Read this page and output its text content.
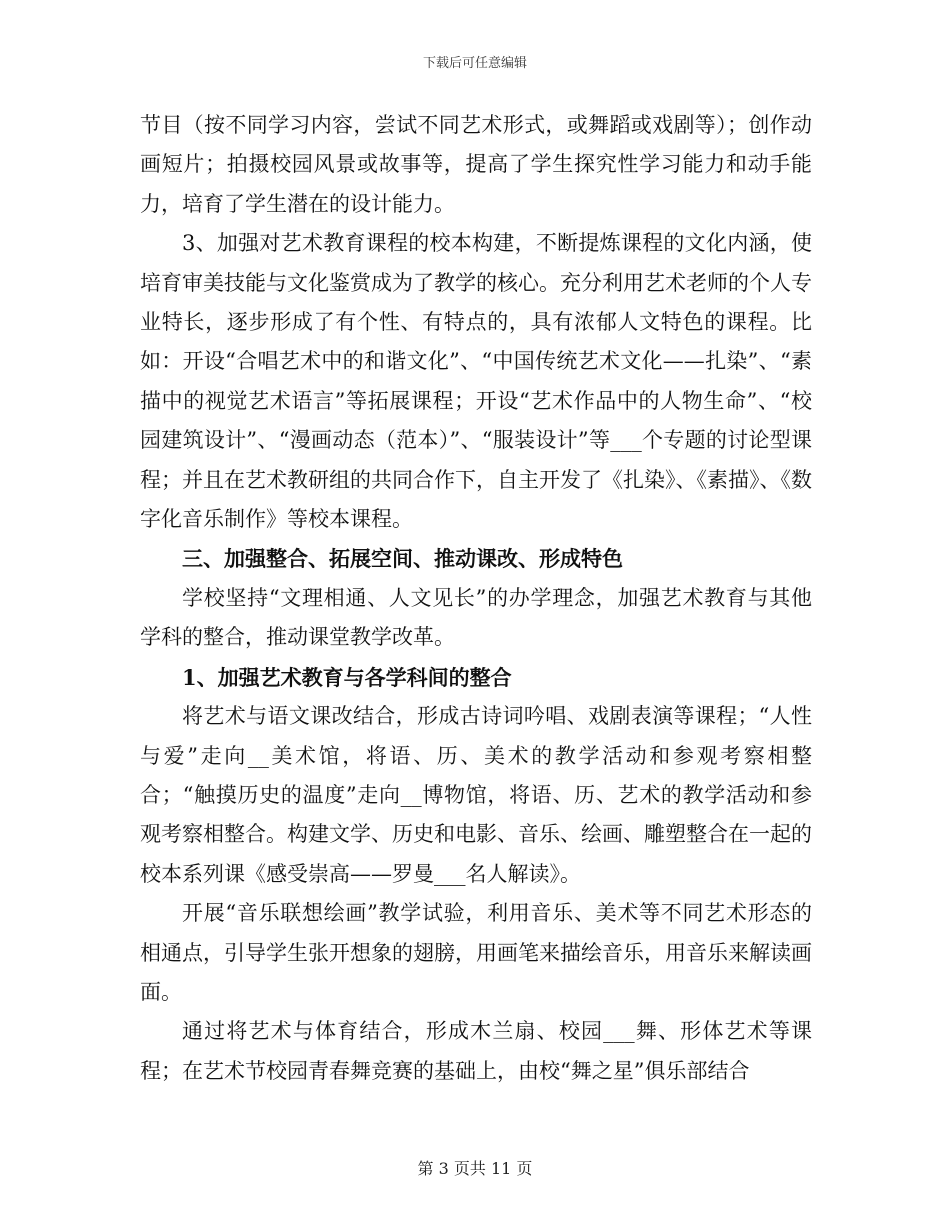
下载后可任意编辑

节目（按不同学习内容，尝试不同艺术形式，或舞蹈或戏剧等）；创作动画短片；拍摄校园风景或故事等，提高了学生探究性学习能力和动手能力，培育了学生潜在的设计能力。

3、加强对艺术教育课程的校本构建，不断提炼课程的文化内涵，使培育审美技能与文化鉴赏成为了教学的核心。充分利用艺术老师的个人专业特长，逐步形成了有个性、有特点的，具有浓郁人文特色的课程。比如：开设“合唱艺术中的和谐文化”、“中国传统艺术文化——扎染”、“素描中的视觉艺术语言”等拓展课程；开设“艺术作品中的人物生命”、“校园建筑设计”、“漫画动态（范本）”、“服装设计”等___个专题的讨论型课程；并且在艺术教研组的共同合作下，自主开发了《扎染》、《素描》、《数字化音乐制作》等校本课程。

三、加强整合、拓展空间、推动课改、形成特色

学校坚持“文理相通、人文见长”的办学理念，加强艺术教育与其他学科的整合，推动课堂教学改革。

1、加强艺术教育与各学科间的整合

将艺术与语文课改结合，形成古诗词吟唱、戏剧表演等课程；“人性与爱”走向__美术馆，将语、历、美术的教学活动和参观考察相整合；“触摸历史的温度”走向__博物馆，将语、历、艺术的教学活动和参观考察相整合。构建文学、历史和电影、音乐、绘画、雕塑整合在一起的校本系列课《感受崇高——罗曼___名人解读》。

开展“音乐联想绘画”教学试验，利用音乐、美术等不同艺术形态的相通点，引导学生张开想象的翅膀，用画笔来描绘音乐，用音乐来解读画面。

通过将艺术与体育结合，形成木兰扇、校园___舞、形体艺术等课程；在艺术节校园青春舞竞赛的基础上，由校“舞之星”俱乐部结合

第 3 页共 11 页
